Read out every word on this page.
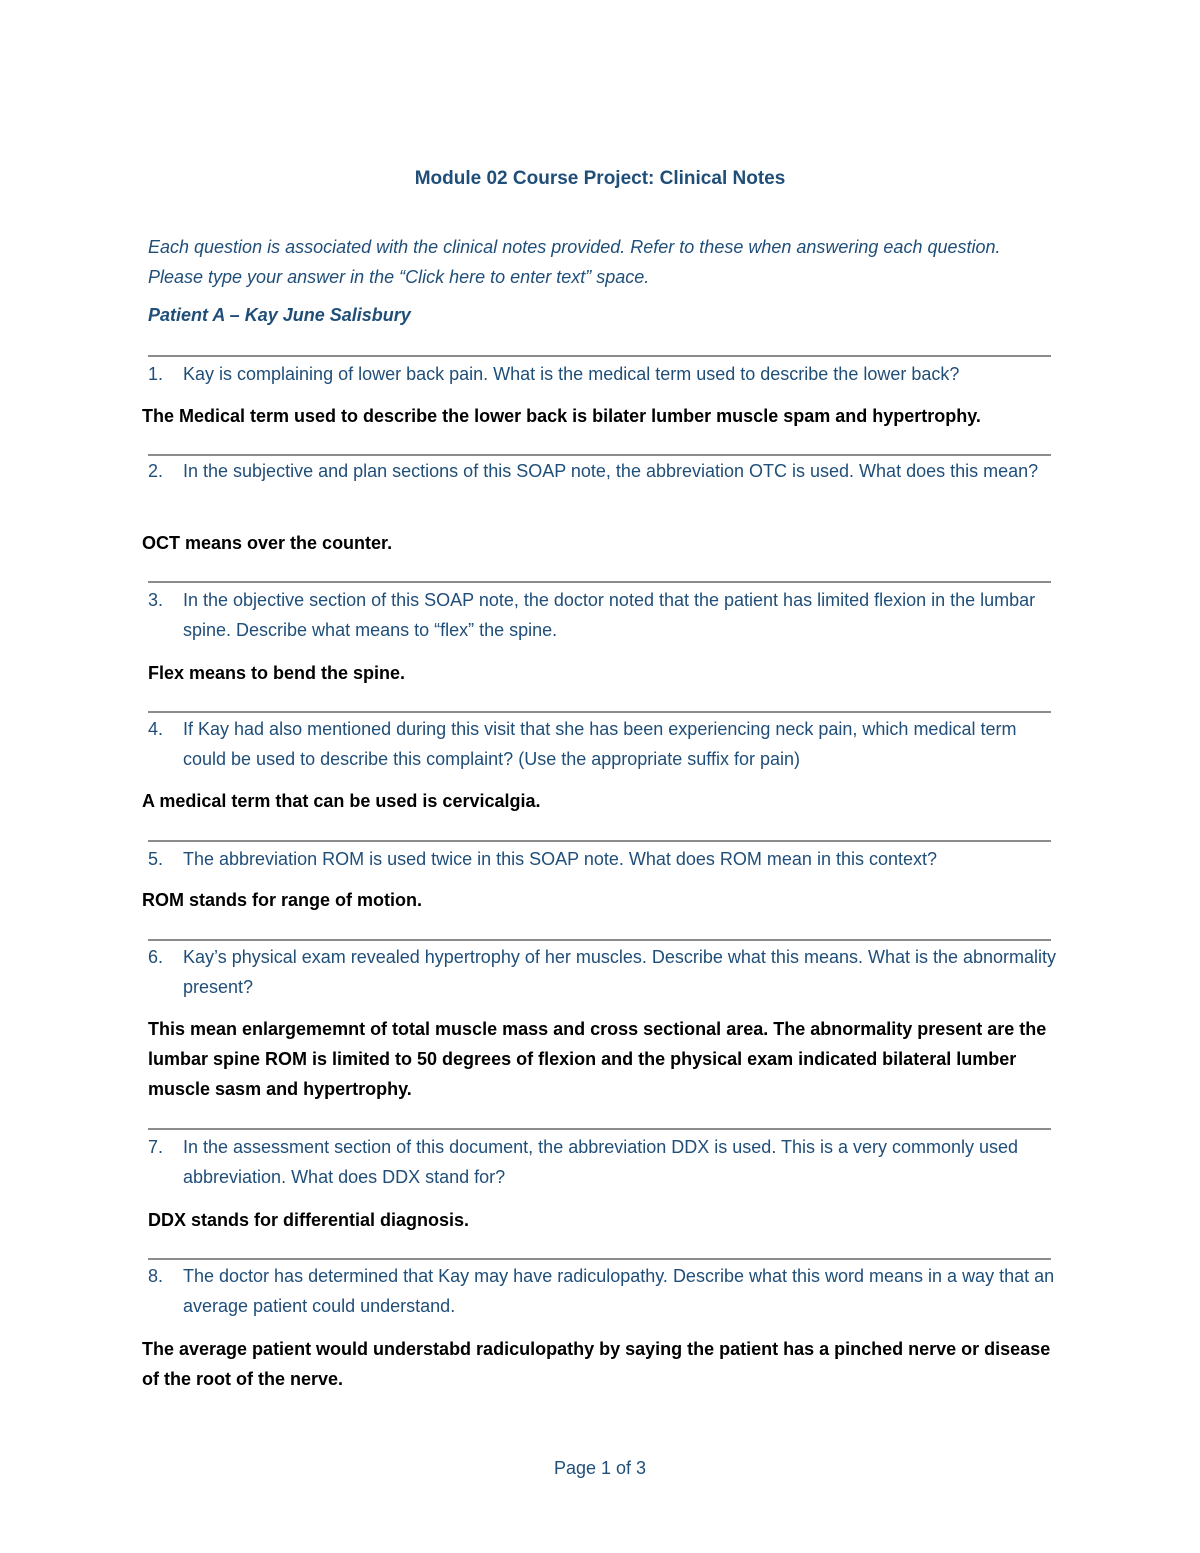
Module 02 Course Project: Clinical Notes

Each question is associated with the clinical notes provided. Refer to these when answering each question. Please type your answer in the “Click here to enter text” space.

Patient A – Kay June Salisbury
1. Kay is complaining of lower back pain. What is the medical term used to describe the lower back?
The Medical term used to describe the lower back is bilater lumber muscle spam and hypertrophy.
2. In the subjective and plan sections of this SOAP note, the abbreviation OTC is used. What does this mean?
OCT means over the counter.
3. In the objective section of this SOAP note, the doctor noted that the patient has limited flexion in the lumbar spine. Describe what means to “flex” the spine.
Flex means to bend the spine.
4. If Kay had also mentioned during this visit that she has been experiencing neck pain, which medical term could be used to describe this complaint? (Use the appropriate suffix for pain)
A medical term that can be used is cervicalgia.
5. The abbreviation ROM is used twice in this SOAP note. What does ROM mean in this context?
ROM stands for range of motion.
6. Kay’s physical exam revealed hypertrophy of her muscles. Describe what this means. What is the abnormality present?
This mean enlargememnt of total muscle mass and cross sectional area. The abnormality present are the lumbar spine ROM is limited to 50 degrees of flexion and the physical exam indicated bilateral lumber muscle sasm and hypertrophy.
7. In the assessment section of this document, the abbreviation DDX is used. This is a very commonly used abbreviation. What does DDX stand for?
DDX stands for differential diagnosis.
8. The doctor has determined that Kay may have radiculopathy. Describe what this word means in a way that an average patient could understand.
The average patient would understabd radiculopathy by saying the patient has a pinched nerve or disease of the root of the nerve.
Page 1 of 3
